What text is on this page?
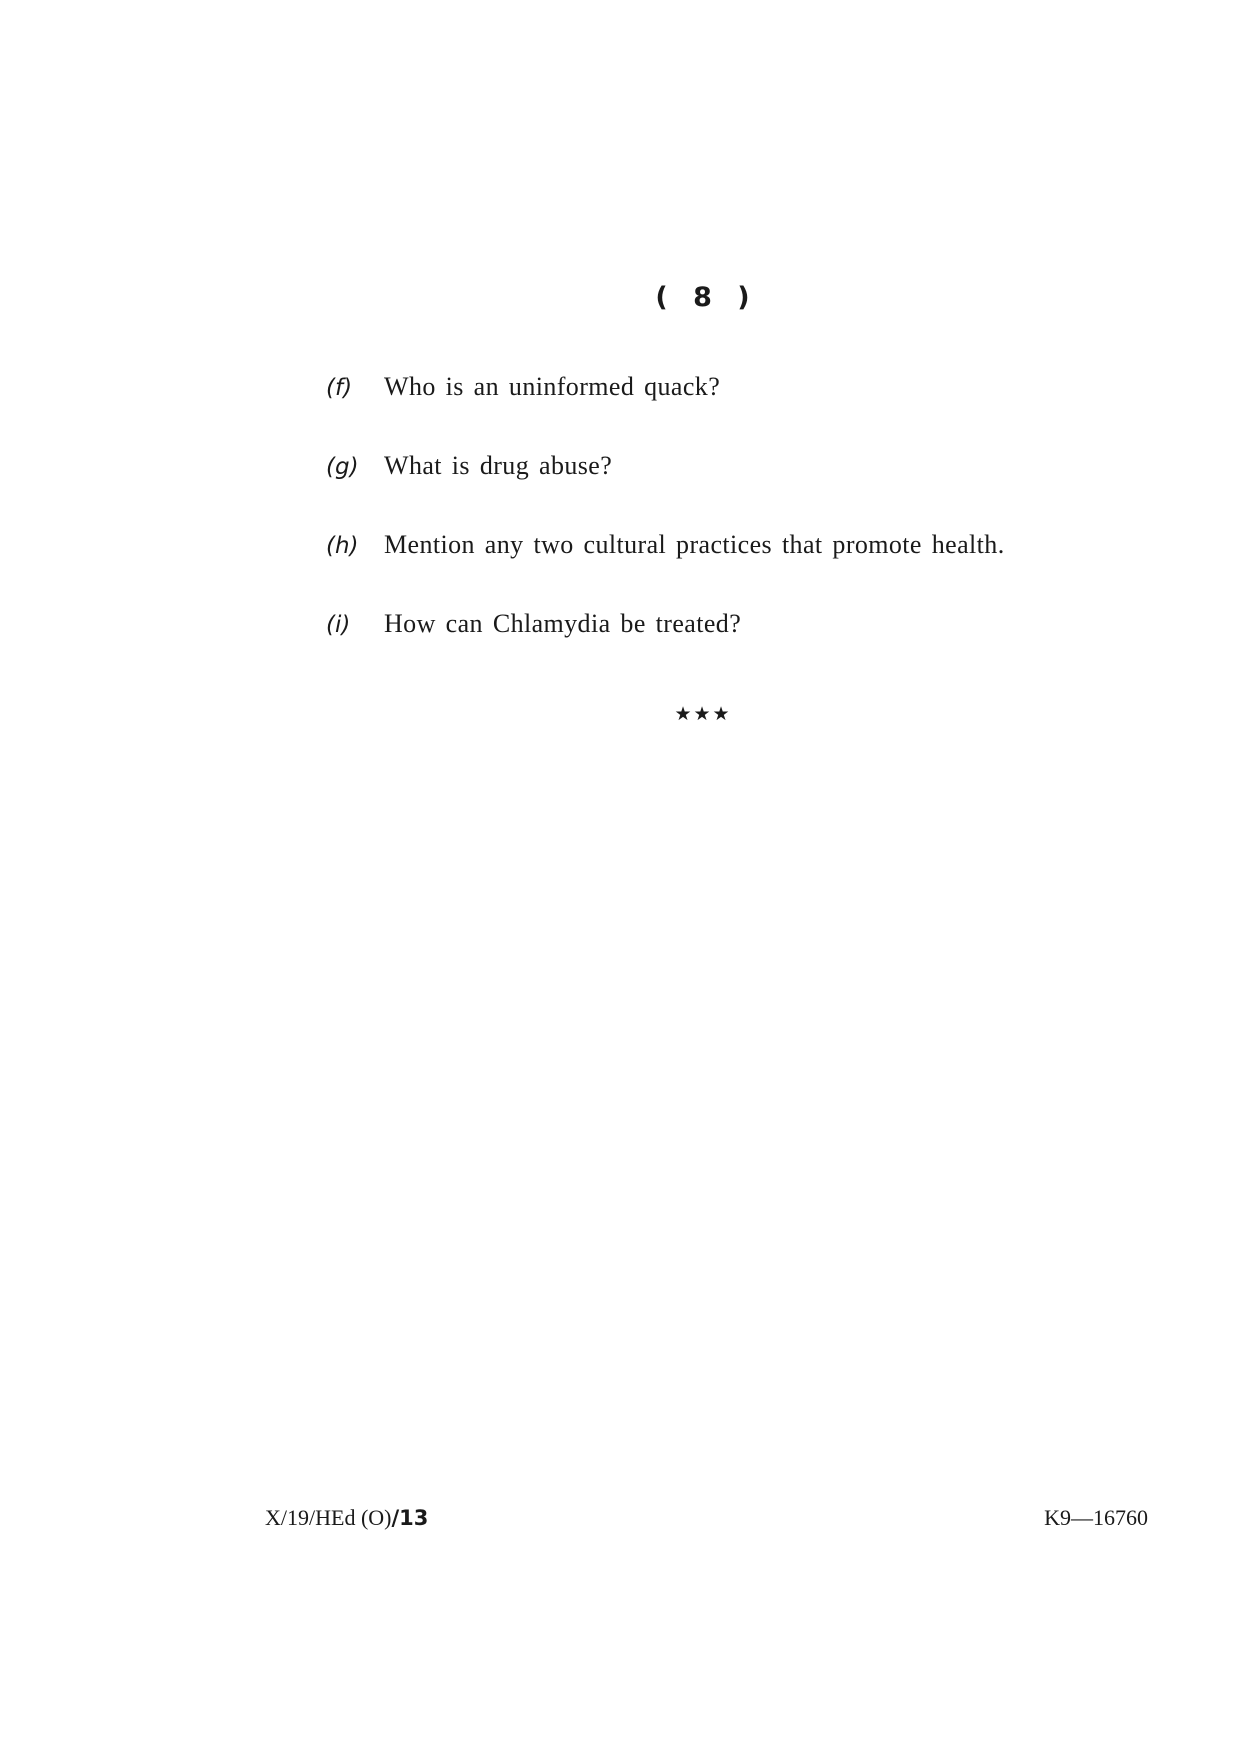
( 8 )
(f)	Who is an uninformed quack?
(g) What is drug abuse?
(h) Mention any two cultural practices that promote health.
(i)	How can Chlamydia be treated?
★★★
X/19/HEd (O)/13	K9—16760
